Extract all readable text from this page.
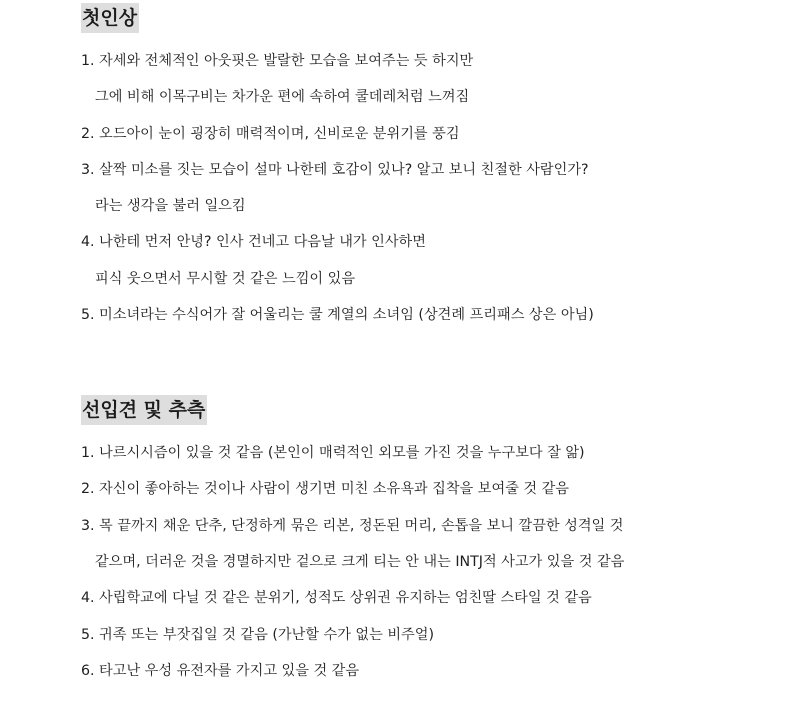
첫인상
1. 자세와 전체적인 아웃핏은 발랄한 모습을 보여주는 듯 하지만
그에 비해 이목구비는 차가운 편에 속하여 쿨데레처럼 느껴짐
2. 오드아이 눈이 굉장히 매력적이며, 신비로운 분위기를 풍김
3. 살짝 미소를 짓는 모습이 설마 나한테 호감이 있나? 알고 보니 친절한 사람인가?
라는 생각을 불러 일으킴
4. 나한테 먼저 안녕? 인사 건네고 다음날 내가 인사하면
피식 웃으면서 무시할 것 같은 느낌이 있음
5. 미소녀라는 수식어가 잘 어울리는 쿨 계열의 소녀임 (상견례 프리패스 상은 아님)
선입견 및 추측
1. 나르시시즘이 있을 것 같음 (본인이 매력적인 외모를 가진 것을 누구보다 잘 앎)
2. 자신이 좋아하는 것이나 사람이 생기면 미친 소유욕과 집착을 보여줄 것 같음
3. 목 끝까지 채운 단추, 단정하게 묶은 리본, 정돈된 머리, 손톱을 보니 깔끔한 성격일 것
같으며, 더러운 것을 경멸하지만 겉으로 크게 티는 안 내는 INTJ적 사고가 있을 것 같음
4. 사립학교에 다닐 것 같은 분위기, 성적도 상위권 유지하는 엄친딸 스타일 것 같음
5. 귀족 또는 부잣집일 것 같음 (가난할 수가 없는 비주얼)
6. 타고난 우성 유전자를 가지고 있을 것 같음
